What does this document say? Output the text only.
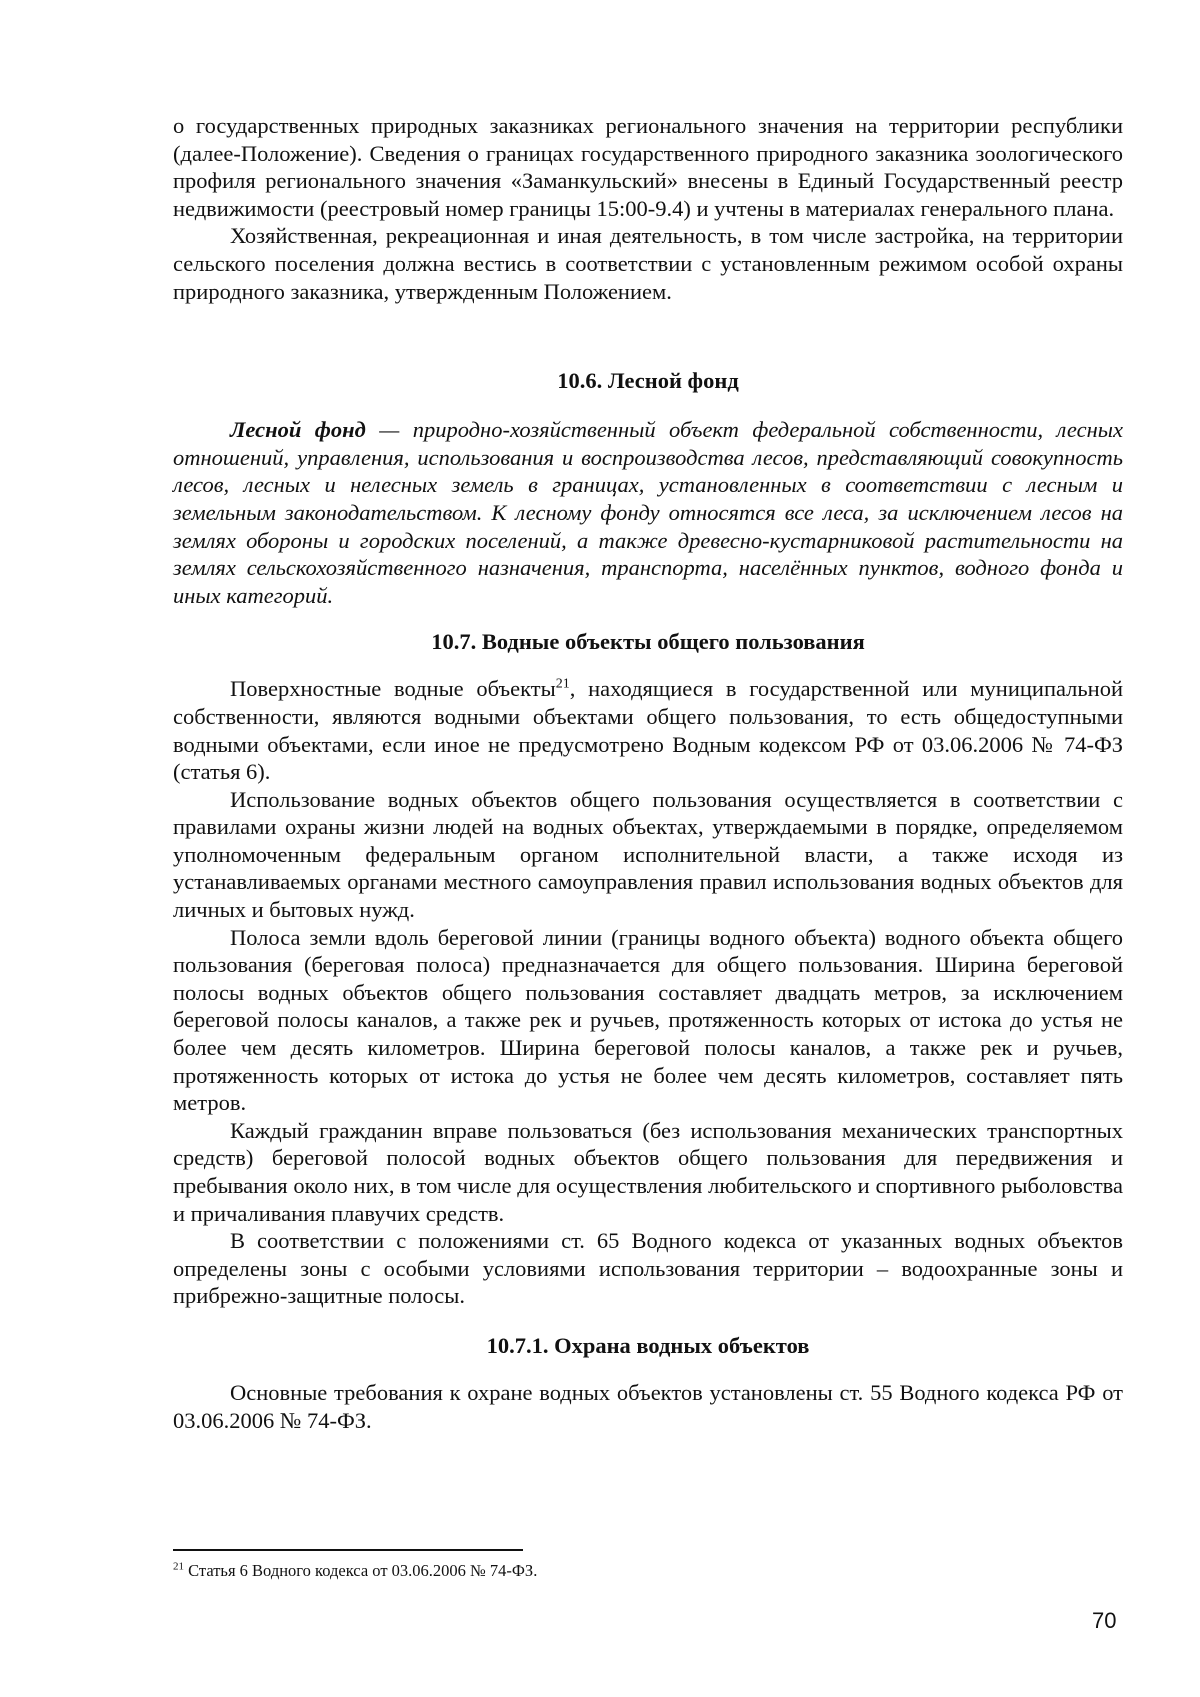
о государственных природных заказниках регионального значения на территории республики (далее-Положение). Сведения о границах государственного природного заказника зоологического профиля регионального значения «Заманкульский» внесены в Единый Государственный реестр недвижимости (реестровый номер границы 15:00-9.4) и учтены в материалах генерального плана.

Хозяйственная, рекреационная и иная деятельность, в том числе застройка, на территории сельского поселения должна вестись в соответствии с установленным режимом особой охраны природного заказника, утвержденным Положением.

10.6. Лесной фонд

Лесной фонд — природно-хозяйственный объект федеральной собственности, лесных отношений, управления, использования и воспроизводства лесов, представляющий совокупность лесов, лесных и нелесных земель в границах, установленных в соответствии с лесным и земельным законодательством. К лесному фонду относятся все леса, за исключением лесов на землях обороны и городских поселений, а также древесно-кустарниковой растительности на землях сельскохозяйственного назначения, транспорта, населённых пунктов, водного фонда и иных категорий.

10.7. Водные объекты общего пользования

Поверхностные водные объекты$^{21}$, находящиеся в государственной или муниципальной собственности, являются водными объектами общего пользования, то есть общедоступными водными объектами, если иное не предусмотрено Водным кодексом РФ от 03.06.2006 № 74-ФЗ (статья 6).

Использование водных объектов общего пользования осуществляется в соответствии с правилами охраны жизни людей на водных объектах, утверждаемыми в порядке, определяемом уполномоченным федеральным органом исполнительной власти, а также исходя из устанавливаемых органами местного самоуправления правил использования водных объектов для личных и бытовых нужд.

Полоса земли вдоль береговой линии (границы водного объекта) водного объекта общего пользования (береговая полоса) предназначается для общего пользования. Ширина береговой полосы водных объектов общего пользования составляет двадцать метров, за исключением береговой полосы каналов, а также рек и ручьев, протяженность которых от истока до устья не более чем десять километров. Ширина береговой полосы каналов, а также рек и ручьев, протяженность которых от истока до устья не более чем десять километров, составляет пять метров.

Каждый гражданин вправе пользоваться (без использования механических транспортных средств) береговой полосой водных объектов общего пользования для передвижения и пребывания около них, в том числе для осуществления любительского и спортивного рыболовства и причаливания плавучих средств.

В соответствии с положениями ст. 65 Водного кодекса от указанных водных объектов определены зоны с особыми условиями использования территории – водоохранные зоны и прибрежно-защитные полосы.

10.7.1. Охрана водных объектов

Основные требования к охране водных объектов установлены ст. 55 Водного кодекса РФ от 03.06.2006 № 74-ФЗ.

$^{21}$ Статья 6 Водного кодекса от 03.06.2006 № 74-ФЗ.

70
